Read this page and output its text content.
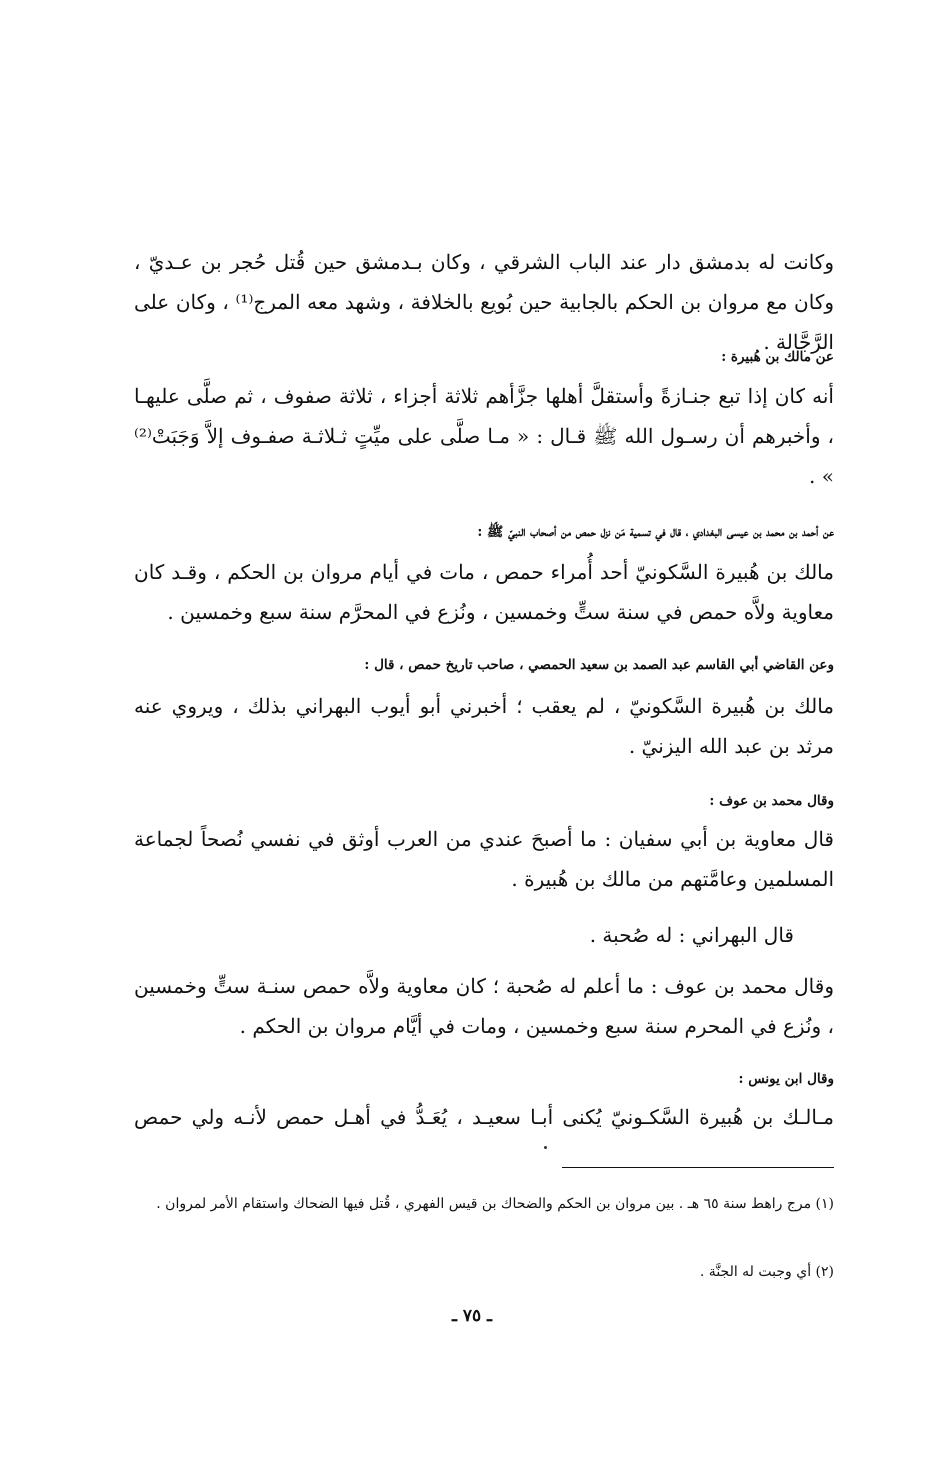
وكانت له بدمشق دار عند الباب الشرقي ، وكان بـدمشق حين قُتل حُجر بن عـديّ ، وكان مع مروان بن الحكم بالجابية حين بُويع بالخلافة ، وشهد معه المرج⁽¹⁾ ، وكان على الرَّجَّالة .
عن مالك بن هُبيرة :
أنه كان إذا تبع جنـازةً وأستقلَّ أهلها جزَّأهم ثلاثة أجزاء ، ثلاثة صفوف ، ثم صلَّى عليهـا ، وأخبرهم أن رسـول الله ﷺ قـال : « مـا صلَّى على ميِّتٍ ثـلاثـة صفـوف إلاَّ وَجَبَتْ⁽²⁾ » .
عن أحمد بن محمد بن عيسى البغدادي ، قال في تسمية مَن نزل حمص من أصحاب النبيّ ﷺ :
مالك بن هُبيرة السَّكونيّ أحد أُمراء حمص ، مات في أيام مروان بن الحكم ، وقـد كان معاوية ولاَّه حمص في سنة ستٍّ وخمسين ، ونُزع في المحرَّم سنة سبع وخمسين .
وعن القاضي أبي القاسم عبد الصمد بن سعيد الحمصي ، صاحب تاريخ حمص ، قال :
مالك بن هُبيرة السَّكونيّ ، لم يعقب ؛ أخبرني أبو أيوب البهراني بذلك ، ويروي عنه مرثد بن عبد الله اليزنيّ .
وقال محمد بن عوف :
قال معاوية بن أبي سفيان : ما أصبحَ عندي من العرب أوثق في نفسي نُصحاً لجماعة المسلمين وعامَّتهم من مالك بن هُبيرة .
قال البهراني : له صُحبة .
وقال محمد بن عوف : ما أعلم له صُحبة ؛ كان معاوية ولاَّه حمص سنـة ستٍّ وخمسين ، ونُزع في المحرم سنة سبع وخمسين ، ومات في أيَّام مروان بن الحكم .
وقال ابن يونس :
مـالـك بن هُبيرة السَّكـونيّ يُكنى أبـا سعيـد ، يُعَـدُّ في أهـل حمص لأنـه ولي حمص
(١) مرج راهط سنة ٦٥ هـ . بين مروان بن الحكم والضحاك بن قيس الفهري ، قُتل فيها الضحاك واستقام الأمر لمروان .
(٢) أي وجبت له الجنَّة .
ـ ٧٥ ـ
